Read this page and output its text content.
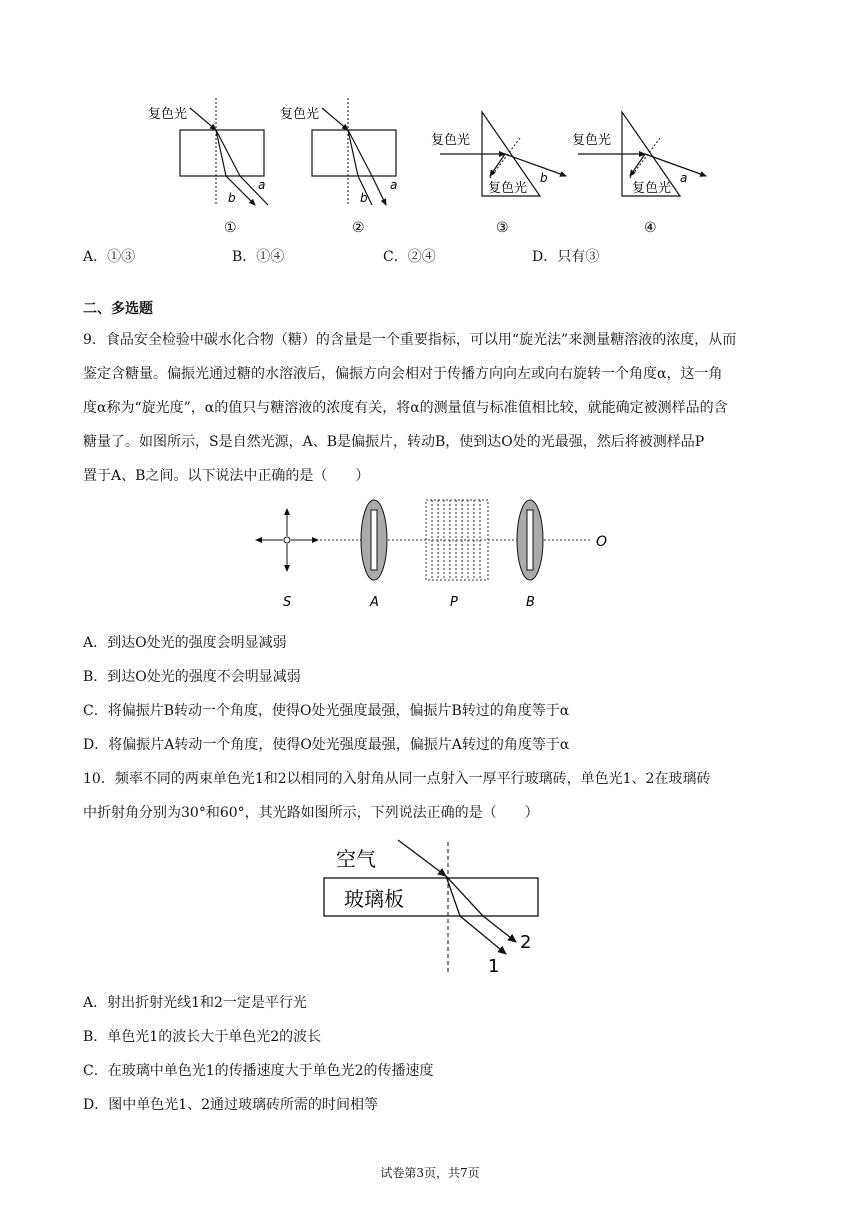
复色光
a
b
①
复色光
a
b
②
复色光
复色光
b
③
复色光
复色光
a
④
A．①③	B．①④	C．②④	D．只有③
二、多选题
9．食品安全检验中碳水化合物（糖）的含量是一个重要指标，可以用“旋光法”来测量糖溶液的浓度，从而
鉴定含糖量。偏振光通过糖的水溶液后，偏振方向会相对于传播方向向左或向右旋转一个角度α，这一角
度α称为“旋光度”，α的值只与糖溶液的浓度有关，将α的测量值与标准值相比较，就能确定被测样品的含
糖量了。如图所示，S是自然光源，A、B是偏振片，转动B，使到达O处的光最强，然后将被测样品P
置于A、B之间。以下说法中正确的是（　　）
O
S	A	P	B
A．到达O处光的强度会明显减弱
B．到达O处光的强度不会明显减弱
C．将偏振片B转动一个角度，使得O处光强度最强，偏振片B转过的角度等于α
D．将偏振片A转动一个角度，使得O处光强度最强，偏振片A转过的角度等于α
10．频率不同的两束单色光1和2以相同的入射角从同一点射入一厚平行玻璃砖，单色光1、2在玻璃砖
中折射角分别为30°和60°，其光路如图所示，下列说法正确的是（　　）
空气
玻璃板
2
1
A．射出折射光线1和2一定是平行光
B．单色光1的波长大于单色光2的波长
C．在玻璃中单色光1的传播速度大于单色光2的传播速度
D．图中单色光1、2通过玻璃砖所需的时间相等
试卷第3页，共7页
